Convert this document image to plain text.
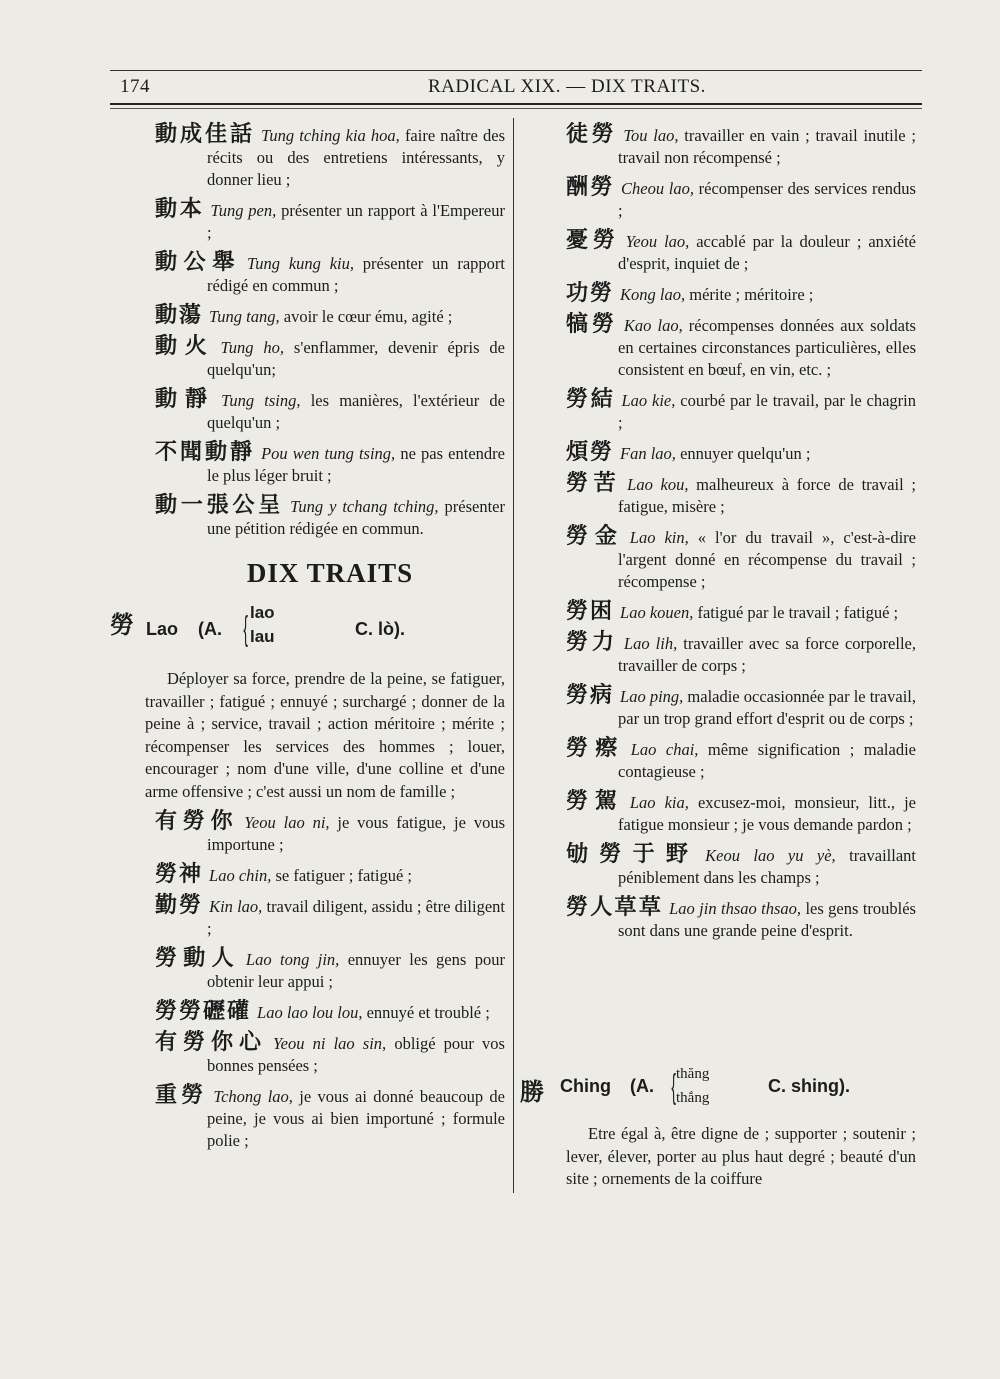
174	RADICAL XIX. — DIX TRAITS.
動成佳話 Tung tching kia hoa, faire naître des récits ou des entretiens intéressants, y donner lieu ;
動本 Tung pen, présenter un rapport à l'Empereur ;
動公舉 Tung kung kiu, présenter un rapport rédigé en commun ;
動蕩 Tung tang, avoir le cœur ému, agité ;
動火 Tung ho, s'enflammer, devenir épris de quelqu'un;
動靜 Tung tsing, les manières, l'extérieur de quelqu'un ;
不聞動靜 Pou wen tung tsing, ne pas entendre le plus léger bruit ;
動一張公呈 Tung y tchang tching, présenter une pétition rédigée en commun.
DIX TRAITS
勞 Lao (A. { lao
lau	C. lò).
Déployer sa force, prendre de la peine, se fatiguer, travailler ; fatigué ; ennuyé ; surchargé ; donner de la peine à ; service, travail ; action méritoire ; mérite ; récompenser les services des hommes ; louer, encourager ; nom d'une ville, d'une colline et d'une arme offensive ; c'est aussi un nom de famille ;
有勞你 Yeou lao ni, je vous fatigue, je vous importune ;
勞神 Lao chin, se fatiguer ; fatigué ;
勤勞 Kin lao, travail diligent, assidu ; être diligent ;
勞動人 Lao tong jin, ennuyer les gens pour obtenir leur appui ;
勞勞礰礶 Lao lao lou lou, ennuyé et troublé ;
有勞你心 Yeou ni lao sin, obligé pour vos bonnes pensées ;
重勞 Tchong lao, je vous ai donné beaucoup de peine, je vous ai bien importuné ; formule polie ;
徒勞 Tou lao, travailler en vain ; travail inutile ; travail non récompensé ;
酬勞 Cheou lao, récompenser des services rendus ;
憂勞 Yeou lao, accablé par la douleur ; anxiété d'esprit, inquiet de ;
功勞 Kong lao, mérite ; méritoire ;
犒勞 Kao lao, récompenses données aux soldats en certaines circonstances particulières, elles consistent en bœuf, en vin, etc. ;
勞結 Lao kie, courbé par le travail, par le chagrin ;
煩勞 Fan lao, ennuyer quelqu'un ;
勞苦 Lao kou, malheureux à force de travail ; fatigue, misère ;
勞金 Lao kin, « l'or du travail », c'est-à-dire l'argent donné en récompense du travail ; récompense ;
勞困 Lao kouen, fatigué par le travail ; fatigué ;
勞力 Lao lih, travailler avec sa force corporelle, travailler de corps ;
勞病 Lao ping, maladie occasionnée par le travail, par un trop grand effort d'esprit ou de corps ;
勞瘵 Lao chai, même signification ; maladie contagieuse ;
勞駕 Lao kia, excusez-moi, monsieur, litt., je fatigue monsieur ; je vous demande pardon ;
劬勞于野 Keou lao yu yè, travaillant péniblement dans les champs ;
勞人草草 Lao jin thsao thsao, les gens troublés sont dans une grande peine d'esprit.
勝 Ching (A. { thăng
thắng
C. shing).
Etre égal à, être digne de ; supporter ; soutenir ; lever, élever, porter au plus haut degré ; beauté d'un site ; ornements de la coiffure
